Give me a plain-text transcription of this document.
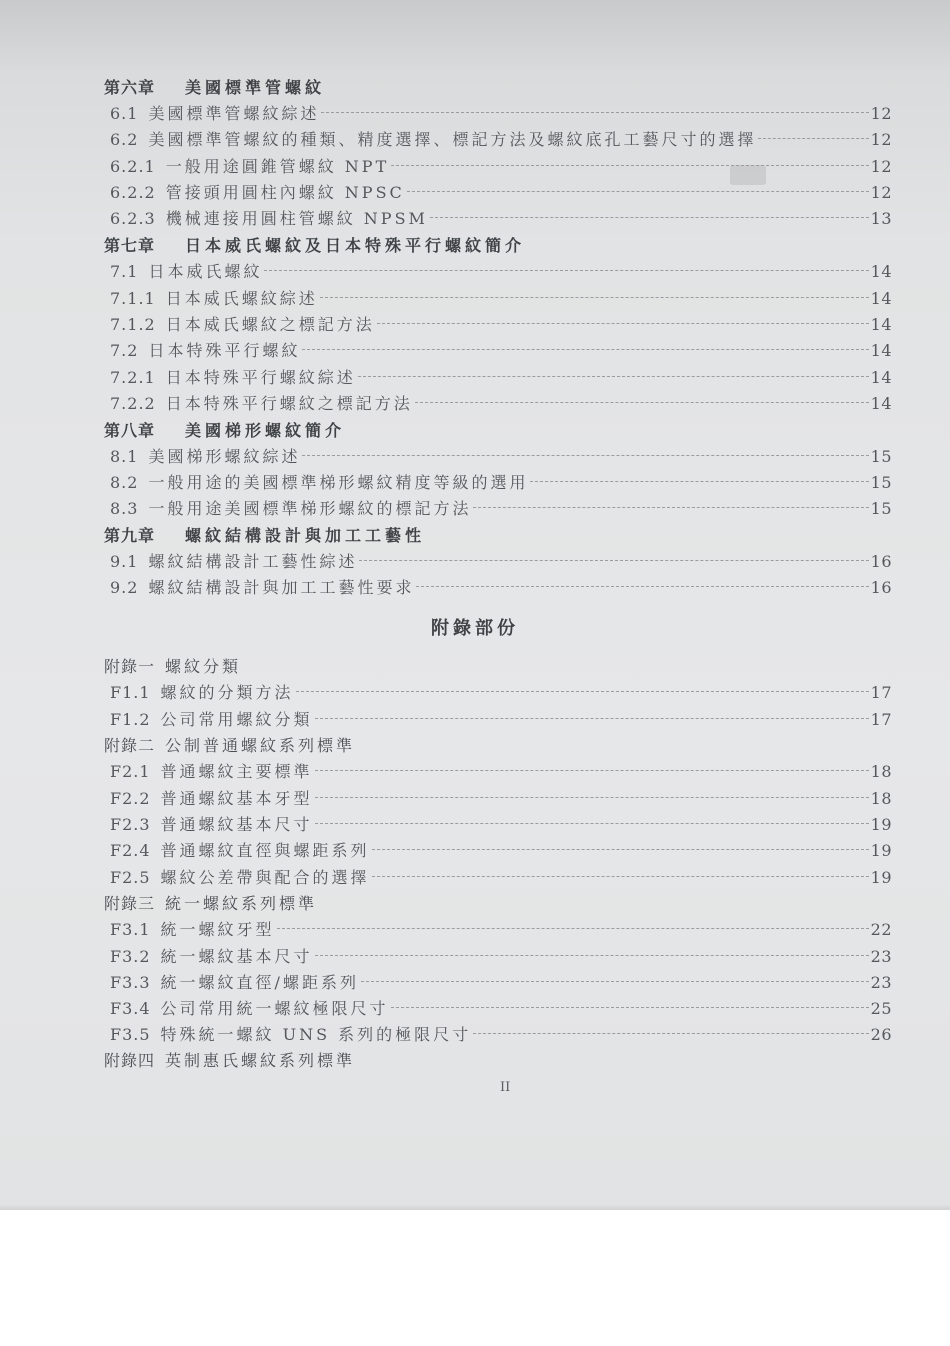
第六章 美國標準管螺紋
6.1 美國標準管螺紋綜述	12
6.2 美國標準管螺紋的種類、精度選擇、標記方法及螺紋底孔工藝尺寸的選擇	12
6.2.1 一般用途圓錐管螺紋 NPT	12
6.2.2 管接頭用圓柱內螺紋 NPSC	12
6.2.3 機械連接用圓柱管螺紋 NPSM	13
第七章 日本威氏螺紋及日本特殊平行螺紋簡介
7.1 日本威氏螺紋	14
7.1.1 日本威氏螺紋綜述	14
7.1.2 日本威氏螺紋之標記方法	14
7.2 日本特殊平行螺紋	14
7.2.1 日本特殊平行螺紋綜述	14
7.2.2 日本特殊平行螺紋之標記方法	14
第八章 美國梯形螺紋簡介
8.1 美國梯形螺紋綜述	15
8.2 一般用途的美國標準梯形螺紋精度等級的選用	15
8.3 一般用途美國標準梯形螺紋的標記方法	15
第九章 螺紋結構設計與加工工藝性
9.1 螺紋結構設計工藝性綜述	16
9.2 螺紋結構設計與加工工藝性要求	16
附錄部份
附錄一 螺紋分類
F1.1 螺紋的分類方法	17
F1.2 公司常用螺紋分類	17
附錄二 公制普通螺紋系列標準
F2.1 普通螺紋主要標準	18
F2.2 普通螺紋基本牙型	18
F2.3 普通螺紋基本尺寸	19
F2.4 普通螺紋直徑與螺距系列	19
F2.5 螺紋公差帶與配合的選擇	19
附錄三 統一螺紋系列標準
F3.1 統一螺紋牙型	22
F3.2 統一螺紋基本尺寸	23
F3.3 統一螺紋直徑/螺距系列	23
F3.4 公司常用統一螺紋極限尺寸	25
F3.5 特殊統一螺紋 UNS 系列的極限尺寸	26
附錄四 英制惠氏螺紋系列標準
II
